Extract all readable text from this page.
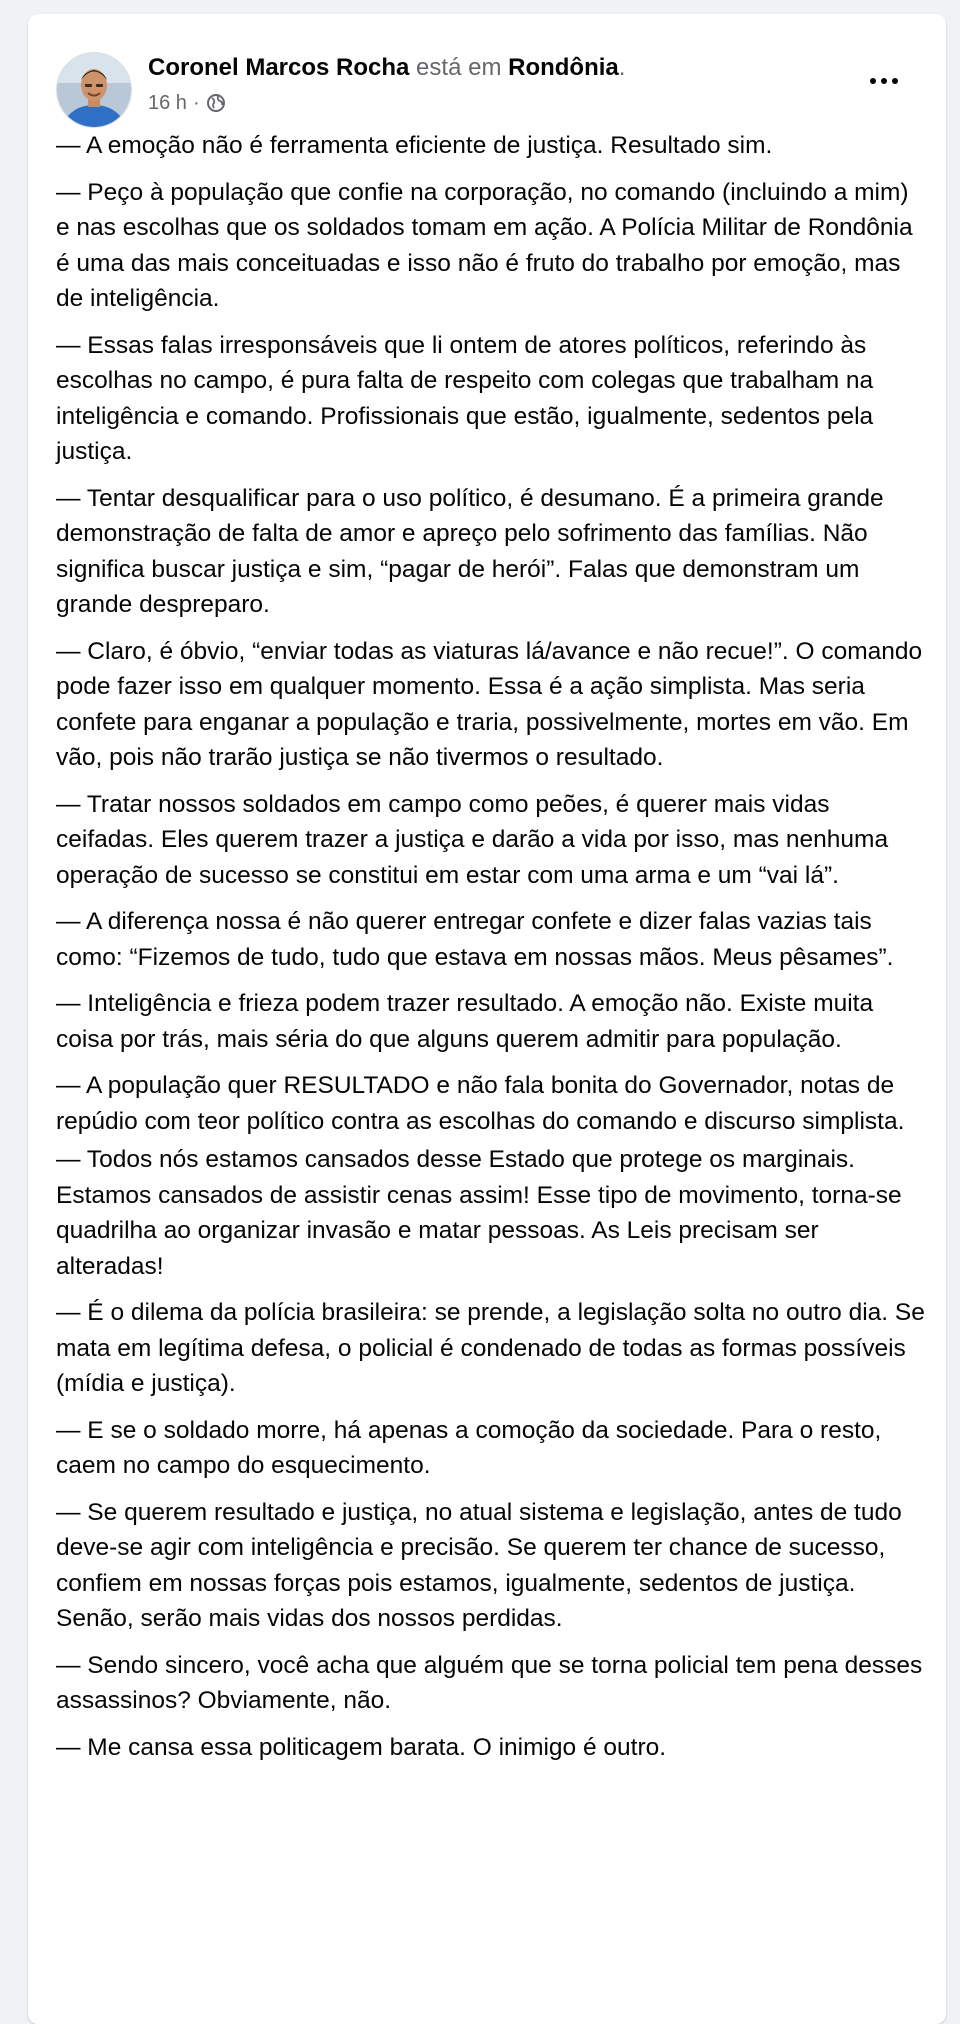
Coronel Marcos Rocha está em Rondônia.
16 h ·

— A emoção não é ferramenta eficiente de justiça. Resultado sim.

— Peço à população que confie na corporação, no comando (incluindo a mim) e nas escolhas que os soldados tomam em ação. A Polícia Militar de Rondônia é uma das mais conceituadas e isso não é fruto do trabalho por emoção, mas de inteligência.

— Essas falas irresponsáveis que li ontem de atores políticos, referindo às escolhas no campo, é pura falta de respeito com colegas que trabalham na inteligência e comando. Profissionais que estão, igualmente, sedentos pela justiça.

— Tentar desqualificar para o uso político, é desumano. É a primeira grande demonstração de falta de amor e apreço pelo sofrimento das famílias. Não significa buscar justiça e sim, “pagar de herói”. Falas que demonstram um grande despreparo.

— Claro, é óbvio, “enviar todas as viaturas lá/avance e não recue!”. O comando pode fazer isso em qualquer momento. Essa é a ação simplista. Mas seria confete para enganar a população e traria, possivelmente, mortes em vão. Em vão, pois não trarão justiça se não tivermos o resultado.

— Tratar nossos soldados em campo como peões, é querer mais vidas ceifadas. Eles querem trazer a justiça e darão a vida por isso, mas nenhuma operação de sucesso se constitui em estar com uma arma e um “vai lá”.

— A diferença nossa é não querer entregar confete e dizer falas vazias tais como: “Fizemos de tudo, tudo que estava em nossas mãos. Meus pêsames”.

— Inteligência e frieza podem trazer resultado. A emoção não. Existe muita coisa por trás, mais séria do que alguns querem admitir para população.

— A população quer RESULTADO e não fala bonita do Governador, notas de repúdio com teor político contra as escolhas do comando e discurso simplista.

— Todos nós estamos cansados desse Estado que protege os marginais. Estamos cansados de assistir cenas assim! Esse tipo de movimento, torna-se quadrilha ao organizar invasão e matar pessoas. As Leis precisam ser alteradas!

— É o dilema da polícia brasileira: se prende, a legislação solta no outro dia. Se mata em legítima defesa, o policial é condenado de todas as formas possíveis (mídia e justiça).

— E se o soldado morre, há apenas a comoção da sociedade. Para o resto, caem no campo do esquecimento.

— Se querem resultado e justiça, no atual sistema e legislação, antes de tudo deve-se agir com inteligência e precisão. Se querem ter chance de sucesso, confiem em nossas forças pois estamos, igualmente, sedentos de justiça. Senão, serão mais vidas dos nossos perdidas.

— Sendo sincero, você acha que alguém que se torna policial tem pena desses assassinos? Obviamente, não.

— Me cansa essa politicagem barata. O inimigo é outro.
